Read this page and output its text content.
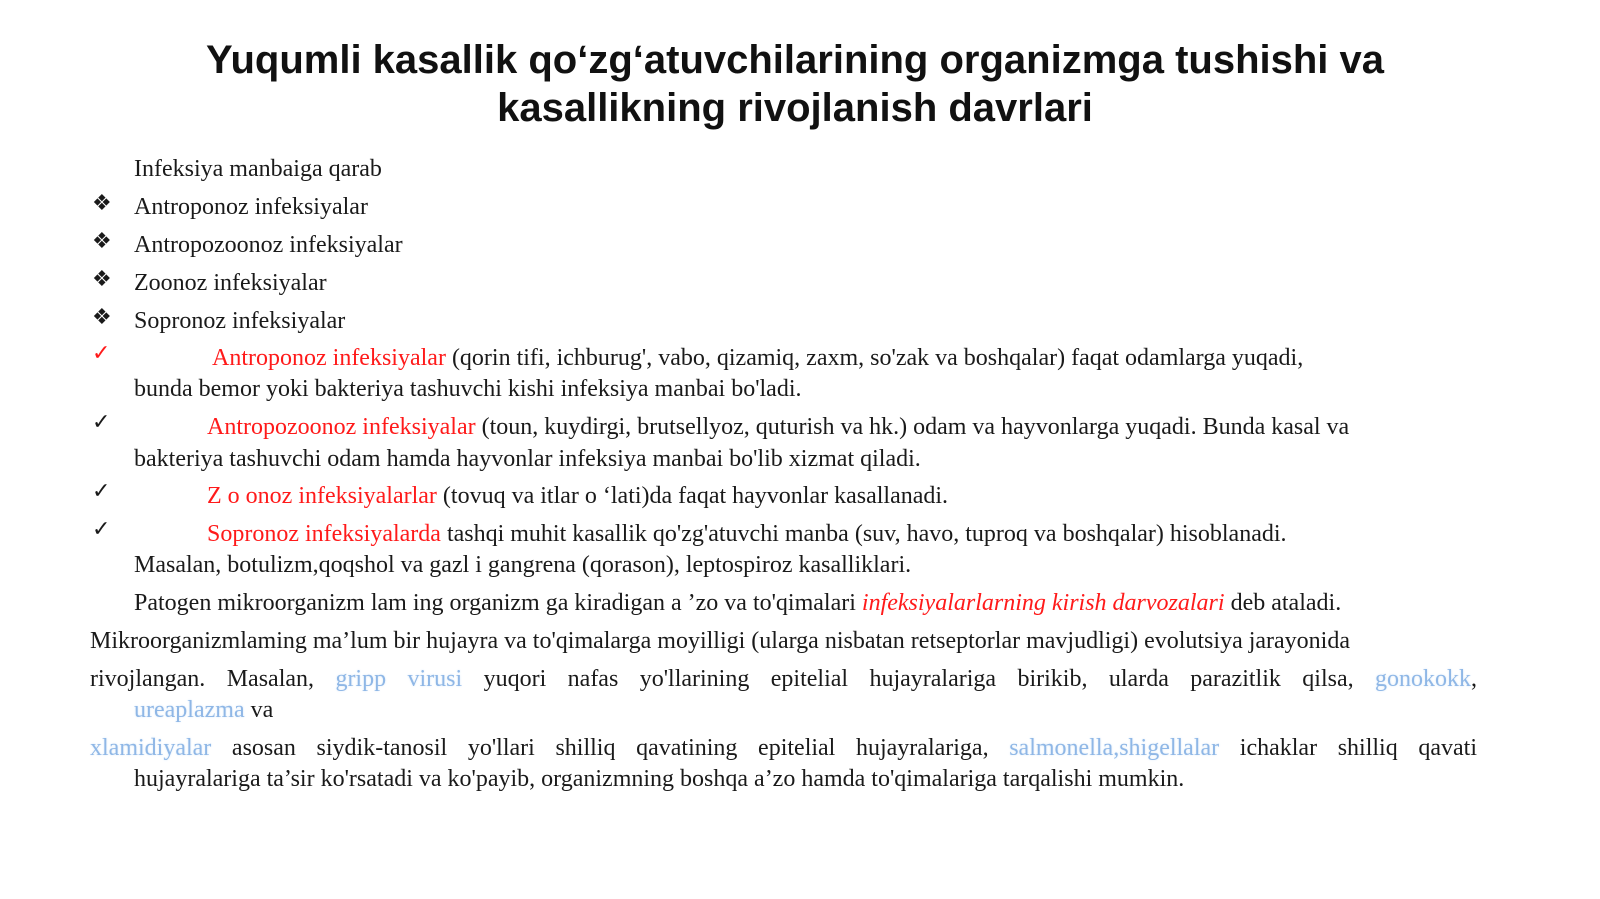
Yuqumli kasallik qo‘zg‘atuvchilarining organizmga tushishi va
kasallikning rivojlanish davrlari
Infeksiya manbaiga qarab
❖ Antroponoz infeksiyalar
❖ Antropozoonoz infeksiyalar
❖ Zoonoz infeksiyalar
❖ Sopronoz infeksiyalar
✓	Antroponoz infeksiyalar (qorin tifi, ichburug', vabo, qizamiq, zaxm, so'zak va boshqalar) faqat odamlarga yuqadi,
bunda bemor yoki bakteriya tashuvchi kishi infeksiya manbai bo'ladi.
✓	Antropozoonoz infeksiyalar (toun, kuydirgi, brutsellyoz, quturish va hk.) odam va hayvonlarga yuqadi. Bunda kasal va
bakteriya tashuvchi odam hamda hayvonlar infeksiya manbai bo'lib xizmat qiladi.
✓	Z o onoz infeksiyalarlar (tovuq va itlar o ‘lati)da faqat hayvonlar kasallanadi.
✓	Sopronoz infeksiyalarda tashqi muhit kasallik qo'zg'atuvchi manba (suv, havo, tuproq va boshqalar) hisoblanadi.
Masalan, botulizm,qoqshol va gazl i gangrena (qorason), leptospiroz kasalliklari.
Patogen mikroorganizm lam ing organizm ga kiradigan a ’zo va to'qimalari infeksiyalarlarning kirish darvozalari deb ataladi.
Mikroorganizmlaming ma’lum bir hujayra va to'qimalarga moyilligi (ularga nisbatan retseptorlar mavjudligi) evolutsiya jarayonida
rivojlangan. Masalan, gripp virusi yuqori nafas yo'llarining epitelial hujayralariga birikib, ularda parazitlik qilsa, gonokokk,
ureaplazma va
xlamidiyalar asosan siydik-tanosil yo'llari shilliq qavatining epitelial hujayralariga, salmonella,shigellalar ichaklar shilliq qavati
hujayralariga ta’sir ko'rsatadi va ko'payib, organizmning boshqa a’zo hamda to'qimalariga tarqalishi mumkin.
